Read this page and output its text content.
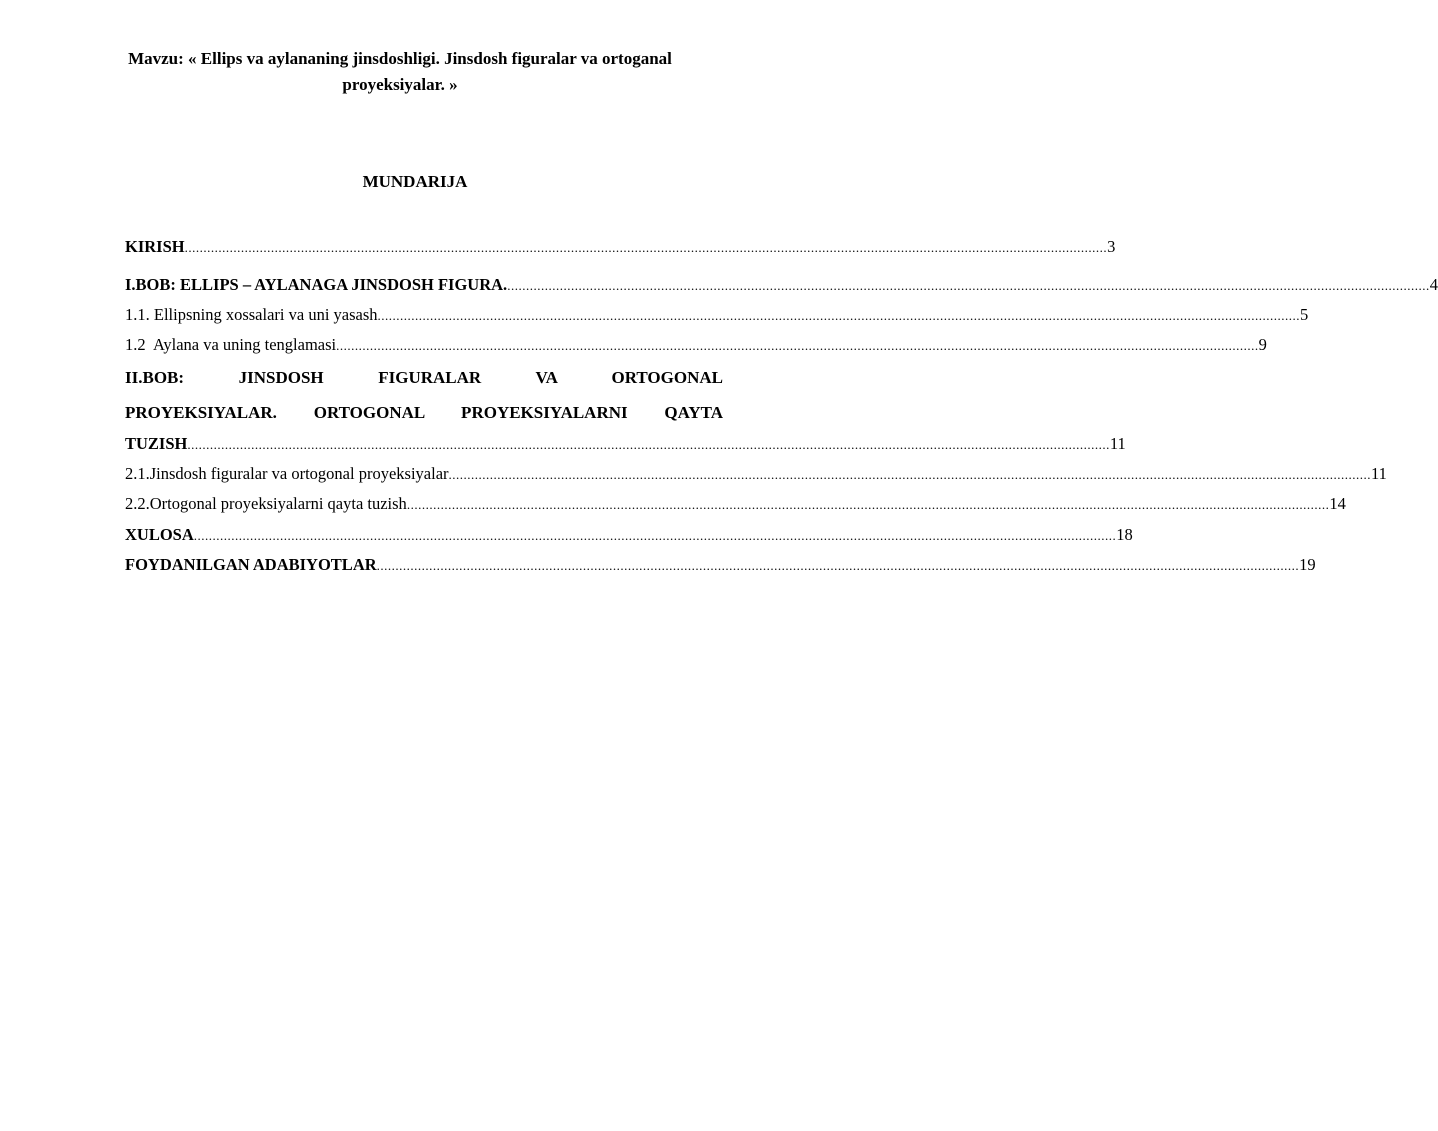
Mavzu: « Ellips va aylananing jinsdoshligi. Jinsdosh figuralar va ortoganal
proyeksiyalar. »
MUNDARIJA
KIRISH .....	3
I.BOB: ELLIPS – AYLANAGA JINSDOSH FIGURA. .....	4
1.1. Ellipsning xossalari va uni yasash .....	5
1.2  Aylana va uning tenglamasi .....	9
II.BOB: JINSDOSH FIGURALAR VA ORTOGONAL
PROYEKSIYALAR. ORTOGONAL PROYEKSIYALARNI QAYTA
TUZISH .....	11
2.1.Jinsdosh figuralar va ortogonal proyeksiyalar .....	11
2.2.Ortogonal proyeksiyalarni qayta tuzish .....	14
XULOSA .....	18
FOYDANILGAN ADABIYOTLAR .....	19
